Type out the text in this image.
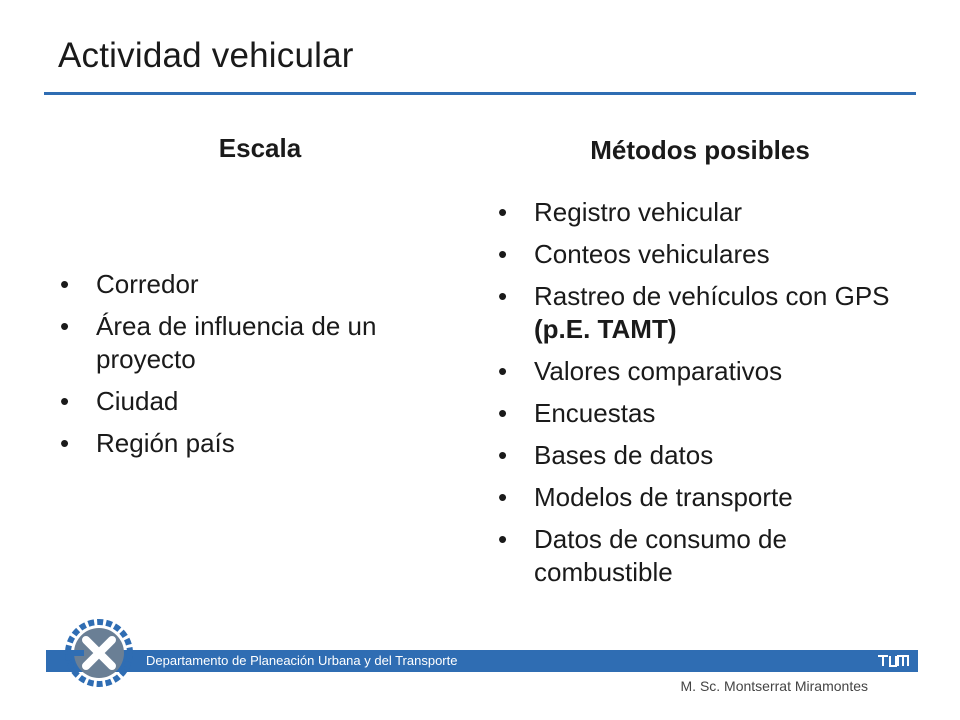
Actividad vehicular
Escala
• Corredor
• Área de influencia de un proyecto
• Ciudad
• Región país
Métodos posibles
• Registro vehicular
• Conteos vehiculares
• Rastreo de vehículos con GPS (p.E. TAMT)
• Valores comparativos
• Encuestas
• Bases de datos
• Modelos de transporte
• Datos de consumo de combustible
Departamento de Planeación Urbana y del Transporte
M. Sc. Montserrat Miramontes
